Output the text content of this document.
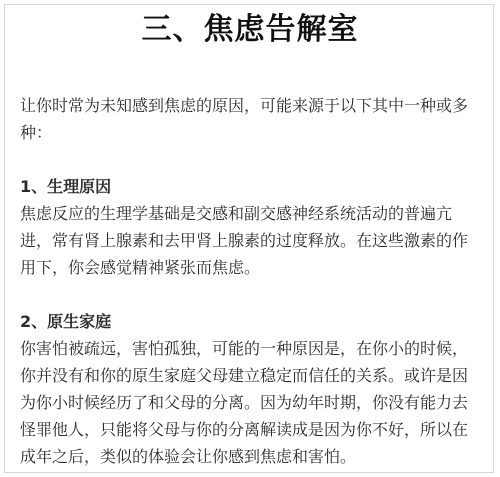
三、焦虑告解室

让你时常为未知感到焦虑的原因，可能来源于以下其中一种或多种：

1、生理原因

焦虑反应的生理学基础是交感和副交感神经系统活动的普遍亢进，常有肾上腺素和去甲肾上腺素的过度释放。在这些激素的作用下，你会感觉精神紧张而焦虑。

2、原生家庭

你害怕被疏远，害怕孤独，可能的一种原因是，在你小的时候，你并没有和你的原生家庭父母建立稳定而信任的关系。或许是因为你小时候经历了和父母的分离。因为幼年时期，你没有能力去怪罪他人，只能将父母与你的分离解读成是因为你不好，所以在成年之后，类似的体验会让你感到焦虑和害怕。
